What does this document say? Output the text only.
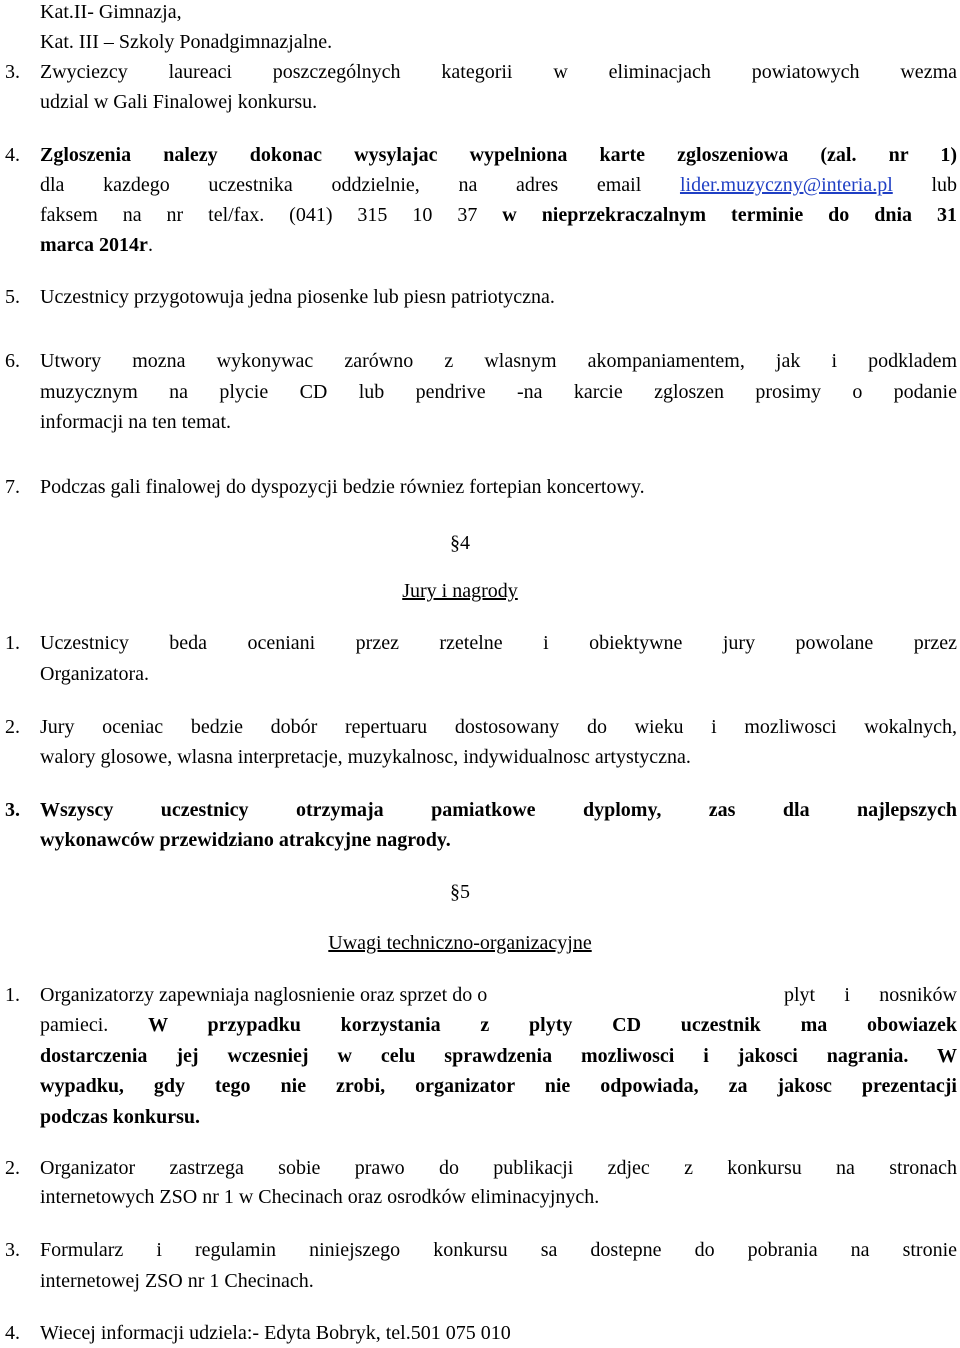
Kat.II- Gimnazja,
Kat. III – Szkoly Ponadgimnazjalne.
3. Zwyciezcy laureaci poszczególnych kategorii w eliminacjach powiatowych wezma
udzial w Gali Finalowej konkursu.
4. Zgloszenia nalezy dokonac wysylajac wypelniona karte zgloszeniowa (zal. nr 1)
dla kazdego uczestnika oddzielnie, na adres email lider.muzyczny@interia.pl lub
faksem na nr tel/fax. (041) 315 10 37 w nieprzekraczalnym terminie do dnia 31
marca 2014r.
5. Uczestnicy przygotowuja jedna piosenke lub piesn patriotyczna.
6. Utwory mozna wykonywac zarówno z wlasnym akompaniamentem, jak i podkladem
muzycznym na plycie CD lub pendrive -na karcie zgloszen prosimy o podanie
informacji na ten temat.
7. Podczas gali finalowej do dyspozycji bedzie równiez fortepian koncertowy.
§4
Jury i nagrody
1. Uczestnicy beda oceniani przez rzetelne i obiektywne jury powolane przez
Organizatora.
2. Jury oceniac bedzie dobór repertuaru dostosowany do wieku i mozliwosci wokalnych,
walory glosowe, wlasna interpretacje, muzykalnosc, indywidualnosc artystyczna.
3. Wszyscy uczestnicy otrzymaja pamiatkowe dyplomy, zas dla najlepszych
wykonawców przewidziano atrakcyjne nagrody.
§5
Uwagi techniczno-organizacyjne
1. Organizatorzy zapewniaja naglosnienie oraz sprzet do o	plyt i nosników
pamieci. W przypadku korzystania z plyty CD uczestnik ma obowiazek
dostarczenia jej wczesniej w celu sprawdzenia mozliwosci i jakosci nagrania. W
wypadku, gdy tego nie zrobi, organizator nie odpowiada, za jakosc prezentacji
podczas konkursu.
2. Organizator zastrzega sobie prawo do publikacji zdjec z konkursu na stronach
internetowych ZSO nr 1 w Checinach oraz osrodków eliminacyjnych.
3. Formularz i regulamin niniejszego konkursu sa dostepne do pobrania na stronie
internetowej ZSO nr 1 Checinach.
4. Wiecej informacji udziela:- Edyta Bobryk, tel.501 075 010
